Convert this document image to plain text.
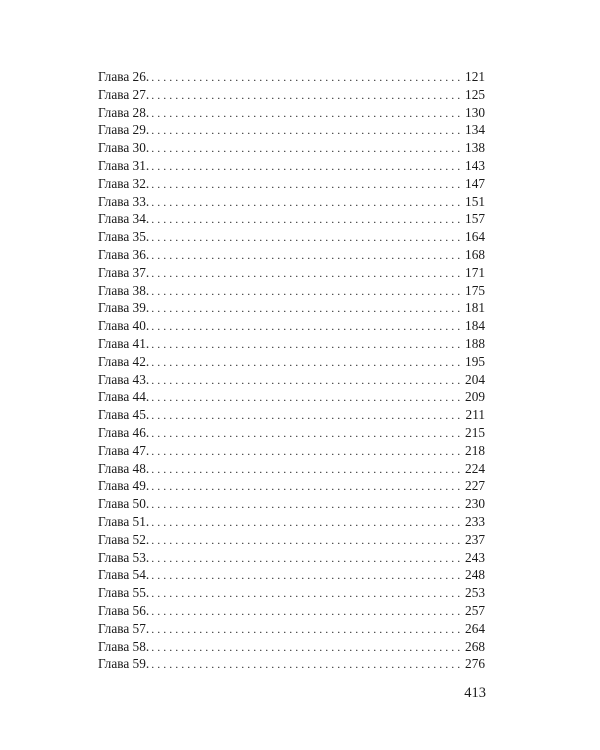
Глава 26. . . .	121
Глава 27. . . .	125
Глава 28. . . .	130
Глава 29. . . .	134
Глава 30. . . .	138
Глава 31. . . .	143
Глава 32. . . .	147
Глава 33. . . .	151
Глава 34. . . .	157
Глава 35. . . .	164
Глава 36. . . .	168
Глава 37. . . .	171
Глава 38. . . .	175
Глава 39. . . .	181
Глава 40. . . .	184
Глава 41. . . .	188
Глава 42. . . .	195
Глава 43. . . .	204
Глава 44. . . .	209
Глава 45. . . .	211
Глава 46. . . .	215
Глава 47. . . .	218
Глава 48. . . .	224
Глава 49. . . .	227
Глава 50. . . .	230
Глава 51. . . .	233
Глава 52. . . .	237
Глава 53. . . .	243
Глава 54. . . .	248
Глава 55. . . .	253
Глава 56. . . .	257
Глава 57. . . .	264
Глава 58. . . .	268
Глава 59. . . .	276
413
